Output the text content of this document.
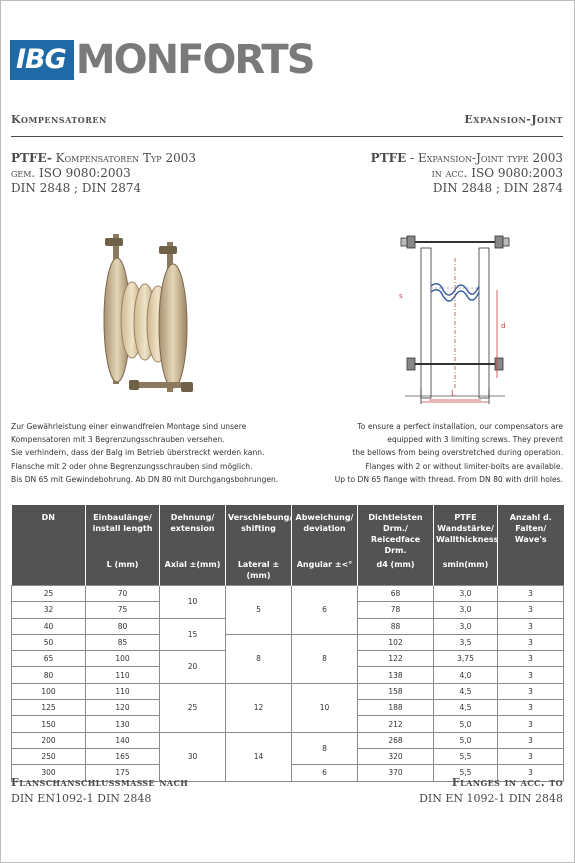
IBG MONFORTS
Kompensatoren	Expansion-Joint
PTFE- Kompensatoren Typ 2003
gem. ISO 9080:2003
DIN 2848 ; DIN 2874
PTFE - Expansion-Joint type 2003
in acc. ISO 9080:2003
DIN 2848 ; DIN 2874
s
d
L
Zur Gewährleistung einer einwandfreien Montage sind unsere
Kompensatoren mit 3 Begrenzungsschrauben versehen.
Sie verhindern, dass der Balg im Betrieb überstreckt werden kann.
Flansche mit 2 oder ohne Begrenzungsschrauben sind möglich.
Bis DN 65 mit Gewindebohrung. Ab DN 80 mit Durchgangsbohrungen.
To ensure a perfect installation, our compensators are
equipped with 3 limiting screws. They prevent
the bellows from being overstretched during operation.
Flanges with 2 or without limiter-bolts are available.
Up to DN 65 flange with thread. From DN 80 with drill holes.
DN	Einbaulänge/ install length	Dehnung/ extension	Verschiebung/ shifting	Abweichung/ deviation	Dichtleisten Drm./ Reicedface Drm.	PTFE Wandstärke/ Wallthickness	Anzahl d. Falten/ Wave's
	L (mm)	Axial ±(mm)	Lateral ±(mm)	Angular ±<°	d4 (mm)	smin(mm)	
25	70	10	5	6	68	3,0	3
32	75				78	3,0	3
40	80	15			88	3,0	3
50	85		8	8	102	3,5	3
65	100	20			122	3,75	3
80	110				138	4,0	3
100	110	25	12	10	158	4,5	3
125	120				188	4,5	3
150	130				212	5,0	3
200	140	30	14	8	268	5,0	3
250	165				320	5,5	3
300	175			6	370	5,5	3
Flanschanschlussmaße nach
DIN EN1092-1 DIN 2848
Flanges in acc. to
DIN EN 1092-1 DIN 2848
